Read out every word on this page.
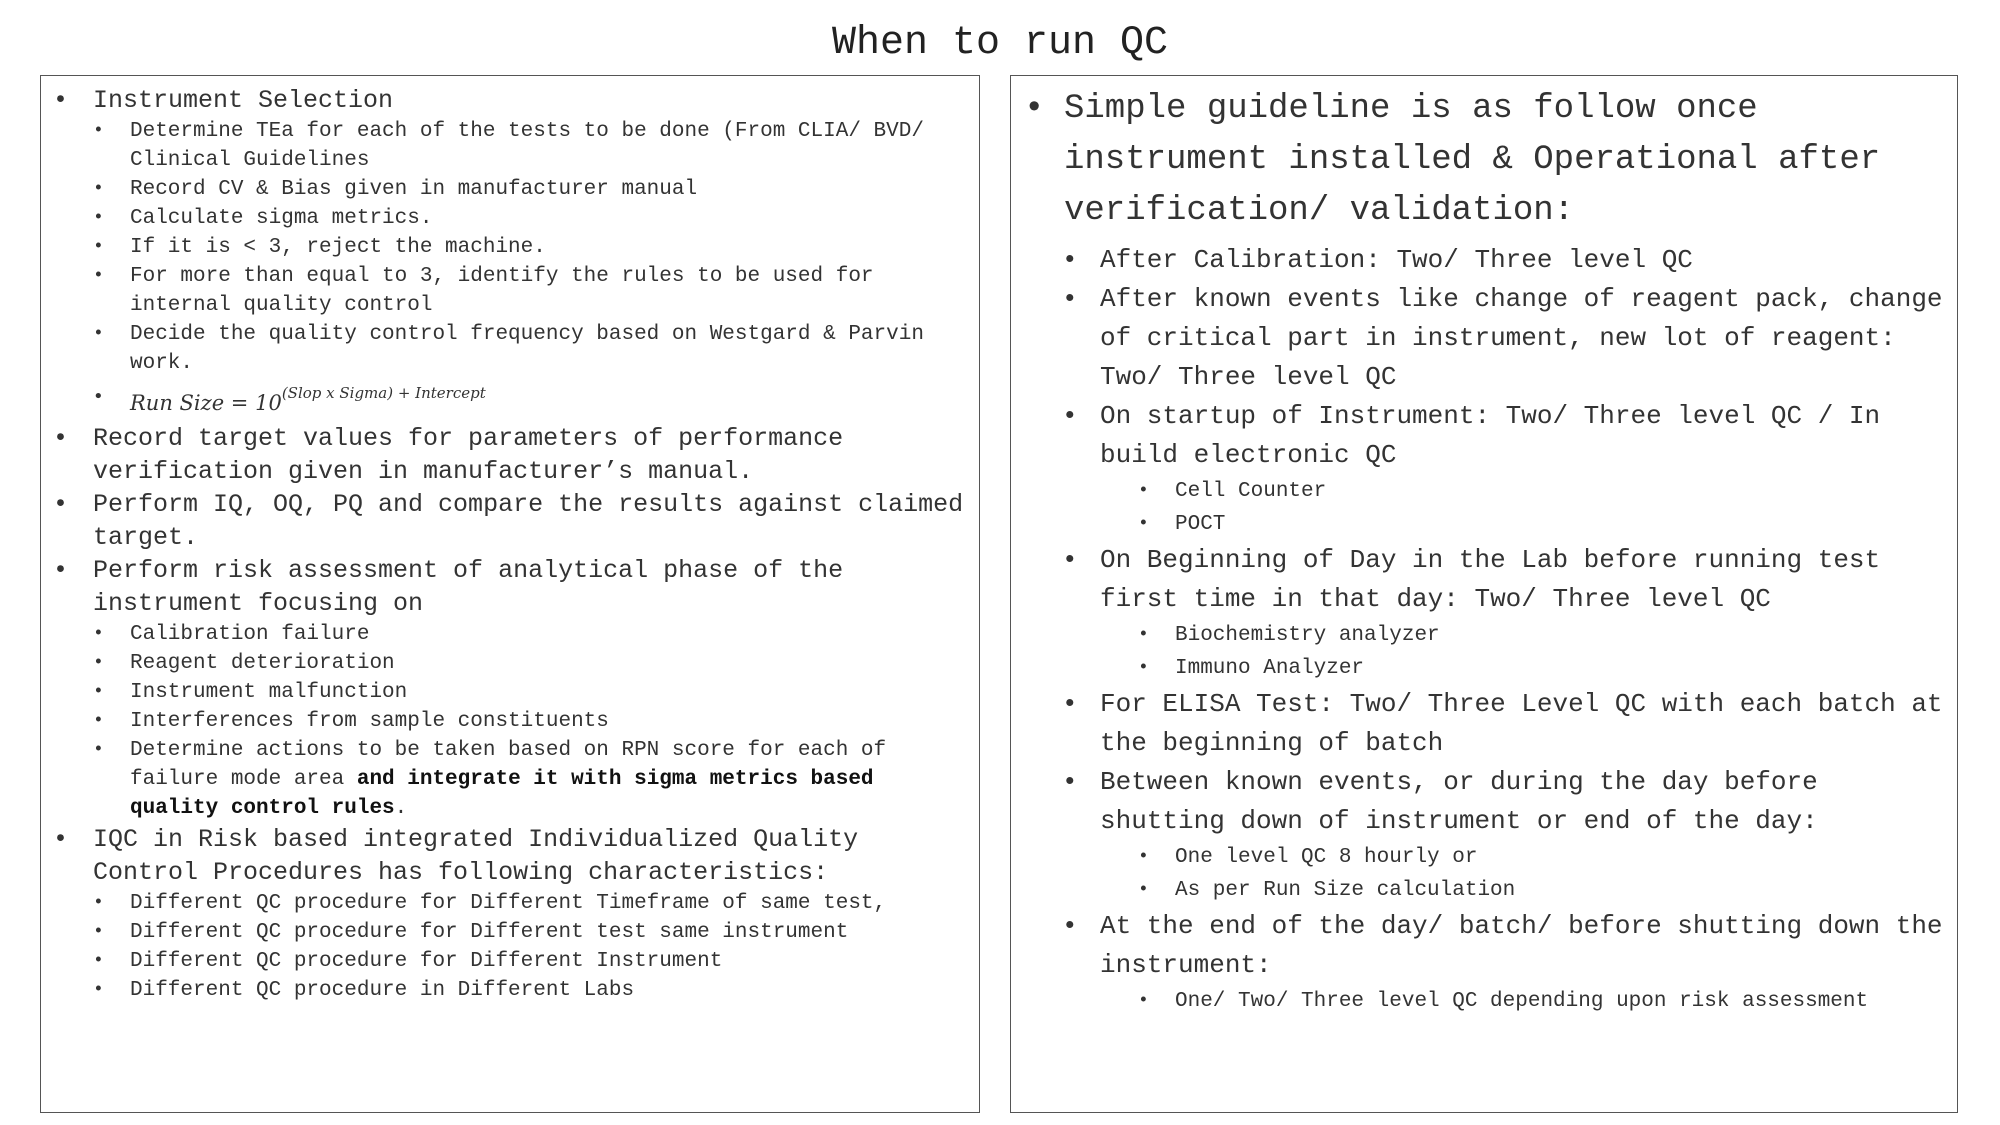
When to run QC
• Instrument Selection
• Determine TEa for each of the tests to be done (From CLIA/ BVD/ Clinical Guidelines
• Record CV & Bias given in manufacturer manual
• Calculate sigma metrics.
• If it is < 3, reject the machine.
• For more than equal to 3, identify the rules to be used for internal quality control
• Decide the quality control frequency based on Westgard & Parvin work.
• Run Size = $10^{(Slop x Sigma) + Intercept}$
• Record target values for parameters of performance verification given in manufacturer’s manual.
• Perform IQ, OQ, PQ and compare the results against claimed target.
• Perform risk assessment of analytical phase of the instrument focusing on
• Calibration failure
• Reagent deterioration
• Instrument malfunction
• Interferences from sample constituents
• Determine actions to be taken based on RPN score for each of failure mode area and integrate it with sigma metrics based quality control rules.
• IQC in Risk based integrated Individualized Quality Control Procedures has following characteristics:
• Different QC procedure for Different Timeframe of same test,
• Different QC procedure for Different test same instrument
• Different QC procedure for Different Instrument
• Different QC procedure in Different Labs
• Simple guideline is as follow once instrument installed & Operational after verification/ validation:
• After Calibration: Two/ Three level QC
• After known events like change of reagent pack, change of critical part in instrument, new lot of reagent: Two/ Three level QC
• On startup of Instrument: Two/ Three level QC / In build electronic QC
• Cell Counter
• POCT
• On Beginning of Day in the Lab before running test first time in that day: Two/ Three level QC
• Biochemistry analyzer
• Immuno Analyzer
• For ELISA Test: Two/ Three Level QC with each batch at the beginning of batch
• Between known events, or during the day before shutting down of instrument or end of the day:
• One level QC 8 hourly or
• As per Run Size calculation
• At the end of the day/ batch/ before shutting down the instrument:
• One/ Two/ Three level QC depending upon risk assessment
